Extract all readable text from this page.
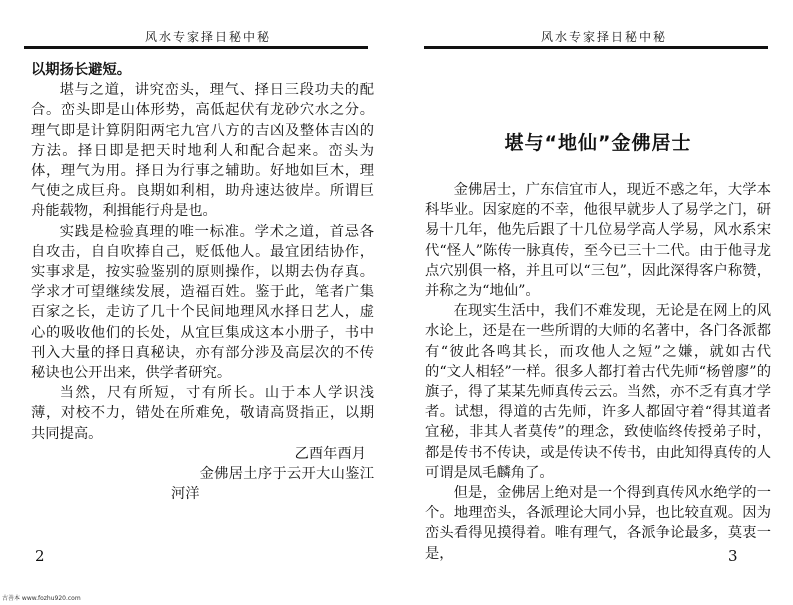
风水专家择日秘中秘

以期扬长避短。

堪与之道，讲究峦头，理气、择日三段功夫的配合。峦头即是山体形势，高低起伏有龙砂穴水之分。理气即是计算阴阳两宅九宫八方的吉凶及整体吉凶的方法。择日即是把天时地利人和配合起来。峦头为体，理气为用。择日为行事之辅助。好地如巨木，理气使之成巨舟。良期如利相，助舟速达彼岸。所谓巨舟能载物，利揖能行舟是也。

实践是检验真理的唯一标准。学术之道，首忌各自攻击，自自吹捧自己，贬低他人。最宜团结协作，实事求是，按实验鉴别的原则操作，以期去伪存真。学求才可望继续发展，造福百姓。鉴于此，笔者广集百家之长，走访了几十个民间地理风水择日艺人，虚心的吸收他们的长处，从宜巨集成这本小册子，书中刊入大量的择日真秘诀，亦有部分涉及高层次的不传秘诀也公开出来，供学者研究。

当然，尺有所短，寸有所长。山于本人学识浅薄，对校不力，错处在所难免，敬请高贤指正，以期共同提高。

乙酉年酉月

金佛居土序于云开大山鉴江河洋

2
风水专家择日秘中秘
堪与“地仙”金佛居士

金佛居士，广东信宜市人，现近不惑之年，大学本科毕业。因家庭的不幸，他很早就步人了易学之门，研易十几年，他先后跟了十几位易学高人学易，风水系宋代“怪人”陈传一脉真传，至今已三十二代。由于他寻龙点穴别俱一格，并且可以“三包”，因此深得客户称赞，并称之为“地仙”。

在现实生活中，我们不难发现，无论是在网上的风水论上，还是在一些所谓的大师的名著中，各门各派都有“彼此各鸣其长，而攻他人之短”之嫌，就如古代的“文人相轻”一样。很多人都打着古代先师“杨曾廖”的旗子，得了某某先师真传云云。当然，亦不乏有真才学者。试想，得道的古先师，许多人都固守着“得其道者宜秘，非其人者莫传”的理念，致使临终传授弟子时，都是传书不传诀，或是传诀不传书，由此知得真传的人可谓是凤毛麟角了。

但是，金佛居上绝对是一个得到真传风水绝学的一个。地理峦头，各派理论大同小异，也比较直观。因为峦头看得见摸得着。唯有理气，各派争论最多，莫衷一是，	3
古善本 www.fozhu920.com
